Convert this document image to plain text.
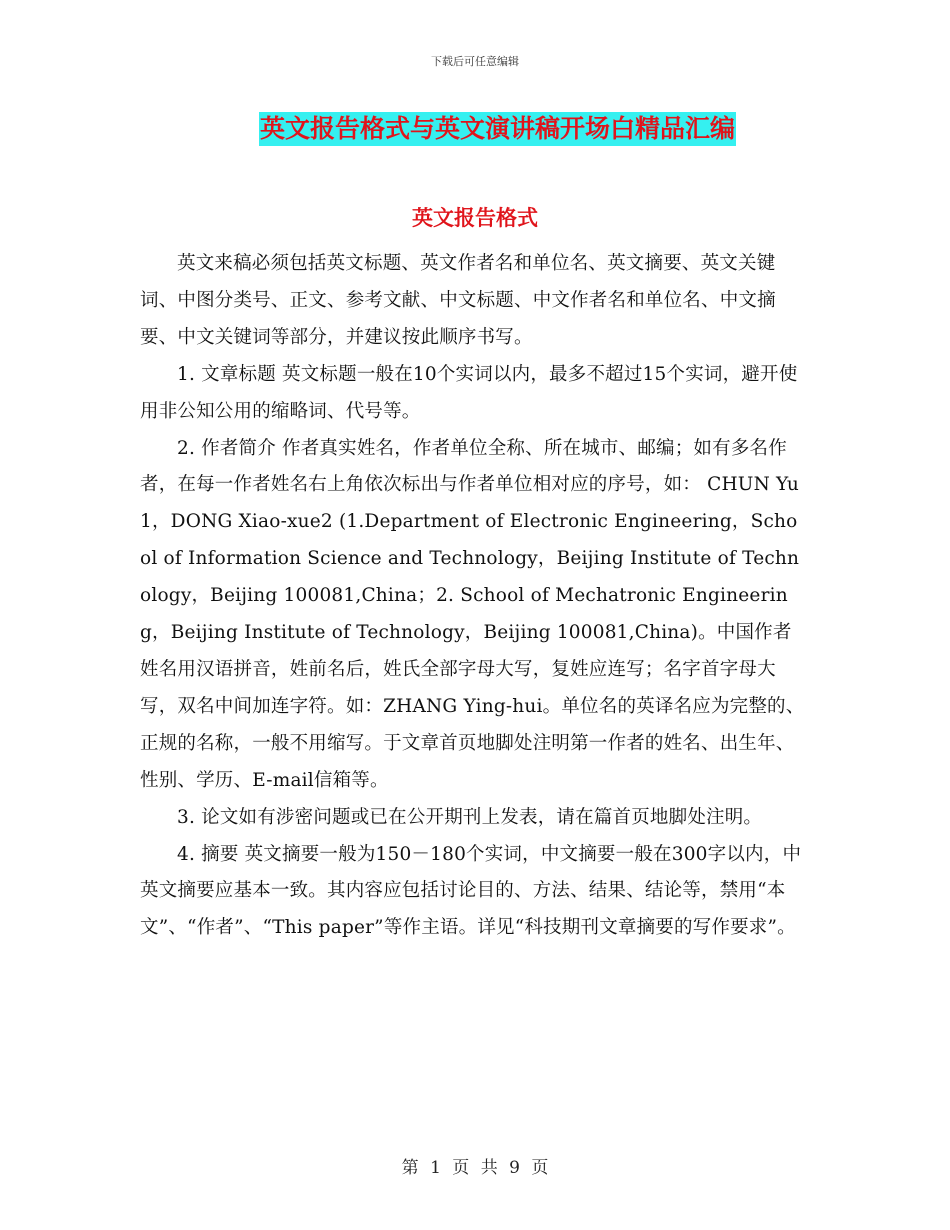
下载后可任意编辑
英文报告格式与英文演讲稿开场白精品汇编
英文报告格式

英文来稿必须包括英文标题、英文作者名和单位名、英文摘要、英文关键词、中图分类号、正文、参考文献、中文标题、中文作者名和单位名、中文摘要、中文关键词等部分，并建议按此顺序书写。

1. 文章标题 英文标题一般在10个实词以内，最多不超过15个实词，避开使用非公知公用的缩略词、代号等。

2. 作者简介 作者真实姓名，作者单位全称、所在城市、邮编；如有多名作者，在每一作者姓名右上角依次标出与作者单位相对应的序号，如： CHUN Yu 1，DONG Xiao-xue2 (1.Department of Electronic Engineering，School of Information Science and Technology，Beijing Institute of Technology，Beijing 100081,China；2. School of Mechatronic Engineering，Beijing Institute of Technology，Beijing 100081,China)。中国作者姓名用汉语拼音，姓前名后，姓氏全部字母大写，复姓应连写；名字首字母大写，双名中间加连字符。如：ZHANG Ying-hui。单位名的英译名应为完整的、正规的名称，一般不用缩写。于文章首页地脚处注明第一作者的姓名、出生年、性别、学历、E-mail信箱等。

3. 论文如有涉密问题或已在公开期刊上发表，请在篇首页地脚处注明。

4. 摘要 英文摘要一般为150－180个实词，中文摘要一般在300字以内，中英文摘要应基本一致。其内容应包括讨论目的、方法、结果、结论等，禁用“本文”、“作者”、“This paper”等作主语。详见“科技期刊文章摘要的写作要求”。

第 1 页 共 9 页
